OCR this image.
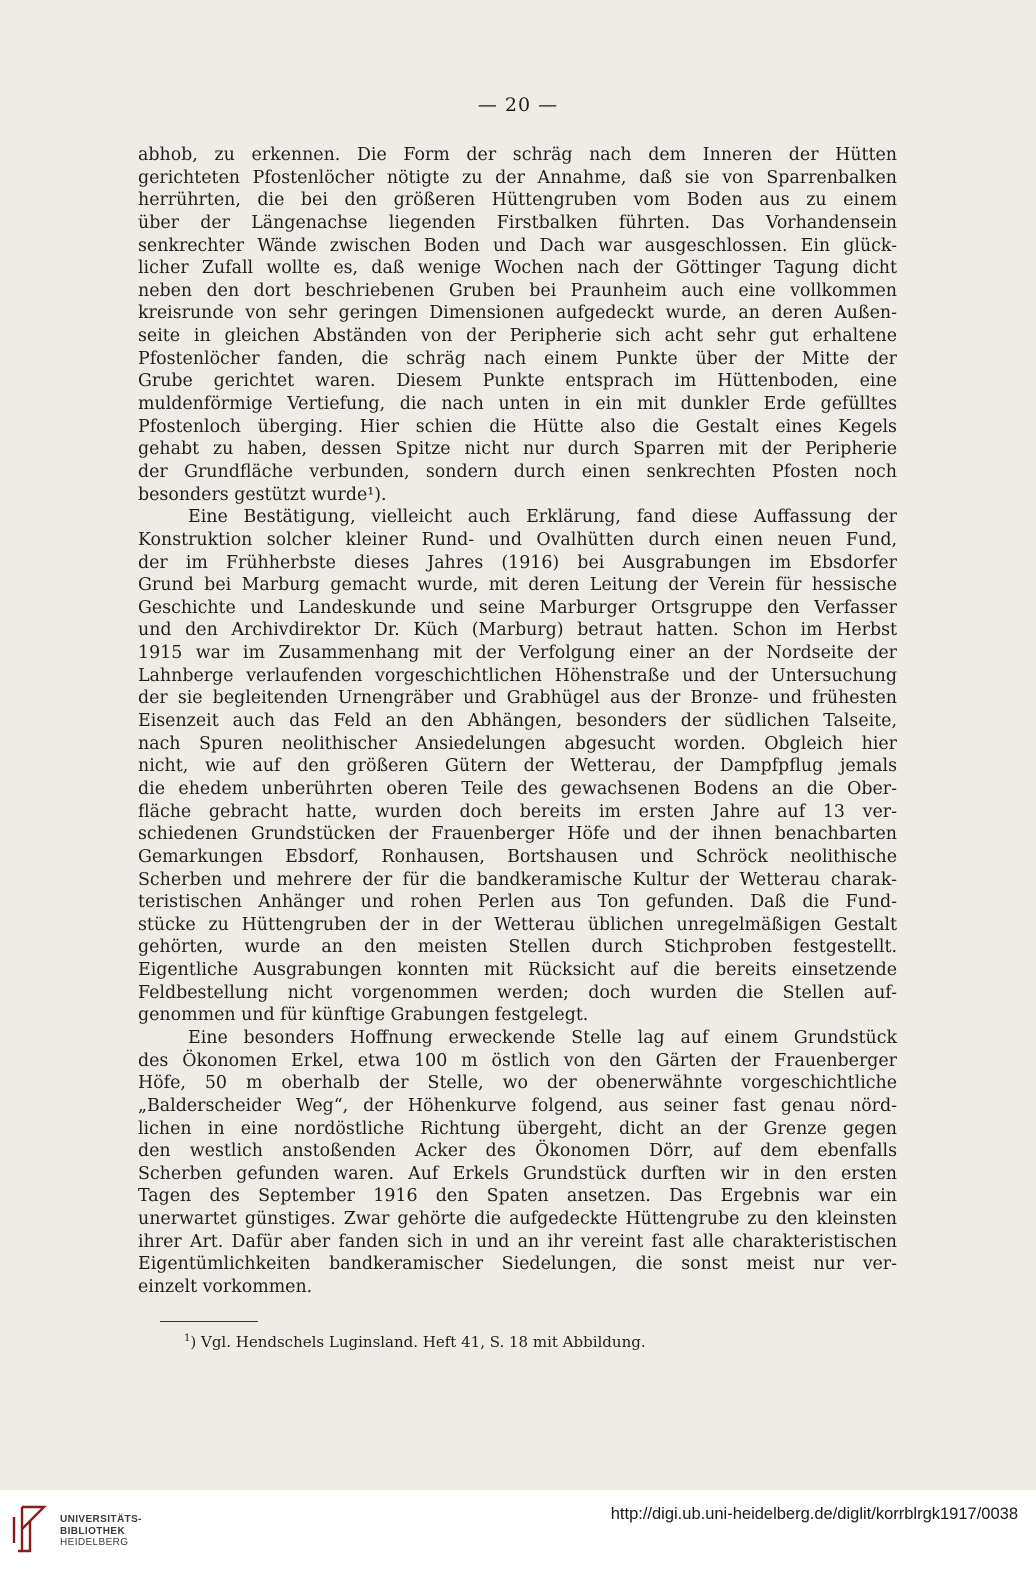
— 20 —

abhob, zu erkennen. Die Form der schräg nach dem Inneren der Hütten
gerichteten Pfostenlöcher nötigte zu der Annahme, daß sie von Sparrenbalken
herrührten, die bei den größeren Hüttengruben vom Boden aus zu einem
über der Längenachse liegenden Firstbalken führten. Das Vorhandensein
senkrechter Wände zwischen Boden und Dach war ausgeschlossen. Ein glück-
licher Zufall wollte es, daß wenige Wochen nach der Göttinger Tagung dicht
neben den dort beschriebenen Gruben bei Praunheim auch eine vollkommen
kreisrunde von sehr geringen Dimensionen aufgedeckt wurde, an deren Außen-
seite in gleichen Abständen von der Peripherie sich acht sehr gut erhaltene
Pfostenlöcher fanden, die schräg nach einem Punkte über der Mitte der
Grube gerichtet waren. Diesem Punkte entsprach im Hüttenboden, eine
muldenförmige Vertiefung, die nach unten in ein mit dunkler Erde gefülltes
Pfostenloch überging. Hier schien die Hütte also die Gestalt eines Kegels
gehabt zu haben, dessen Spitze nicht nur durch Sparren mit der Peripherie
der Grundfläche verbunden, sondern durch einen senkrechten Pfosten noch
besonders gestützt wurde¹).

Eine Bestätigung, vielleicht auch Erklärung, fand diese Auffassung der
Konstruktion solcher kleiner Rund- und Ovalhütten durch einen neuen Fund,
der im Frühherbste dieses Jahres (1916) bei Ausgrabungen im Ebsdorfer
Grund bei Marburg gemacht wurde, mit deren Leitung der Verein für hessische
Geschichte und Landeskunde und seine Marburger Ortsgruppe den Verfasser
und den Archivdirektor Dr. Küch (Marburg) betraut hatten. Schon im Herbst
1915 war im Zusammenhang mit der Verfolgung einer an der Nordseite der
Lahnberge verlaufenden vorgeschichtlichen Höhenstraße und der Untersuchung
der sie begleitenden Urnengräber und Grabhügel aus der Bronze- und frühesten
Eisenzeit auch das Feld an den Abhängen, besonders der südlichen Talseite,
nach Spuren neolithischer Ansiedelungen abgesucht worden. Obgleich hier
nicht, wie auf den größeren Gütern der Wetterau, der Dampfpflug jemals
die ehedem unberührten oberen Teile des gewachsenen Bodens an die Ober-
fläche gebracht hatte, wurden doch bereits im ersten Jahre auf 13 ver-
schiedenen Grundstücken der Frauenberger Höfe und der ihnen benachbarten
Gemarkungen Ebsdorf, Ronhausen, Bortshausen und Schröck neolithische
Scherben und mehrere der für die bandkeramische Kultur der Wetterau charak-
teristischen Anhänger und rohen Perlen aus Ton gefunden. Daß die Fund-
stücke zu Hüttengruben der in der Wetterau üblichen unregelmäßigen Gestalt
gehörten, wurde an den meisten Stellen durch Stichproben festgestellt.
Eigentliche Ausgrabungen konnten mit Rücksicht auf die bereits einsetzende
Feldbestellung nicht vorgenommen werden; doch wurden die Stellen auf-
genommen und für künftige Grabungen festgelegt.

Eine besonders Hoffnung erweckende Stelle lag auf einem Grundstück
des Ökonomen Erkel, etwa 100 m östlich von den Gärten der Frauenberger
Höfe, 50 m oberhalb der Stelle, wo der obenerwähnte vorgeschichtliche
„Balderscheider Weg“, der Höhenkurve folgend, aus seiner fast genau nörd-
lichen in eine nordöstliche Richtung übergeht, dicht an der Grenze gegen
den westlich anstoßenden Acker des Ökonomen Dörr, auf dem ebenfalls
Scherben gefunden waren. Auf Erkels Grundstück durften wir in den ersten
Tagen des September 1916 den Spaten ansetzen. Das Ergebnis war ein
unerwartet günstiges. Zwar gehörte die aufgedeckte Hüttengrube zu den kleinsten
ihrer Art. Dafür aber fanden sich in und an ihr vereint fast alle charakteristischen
Eigentümlichkeiten bandkeramischer Siedelungen, die sonst meist nur ver-
einzelt vorkommen.

$^1$) Vgl. Hendschels Luginsland. Heft 41, S. 18 mit Abbildung.
UNIVERSITÄTS-
BIBLIOTHEK
HEIDELBERG
http://digi.ub.uni-heidelberg.de/diglit/korrblrgk1917/0038
